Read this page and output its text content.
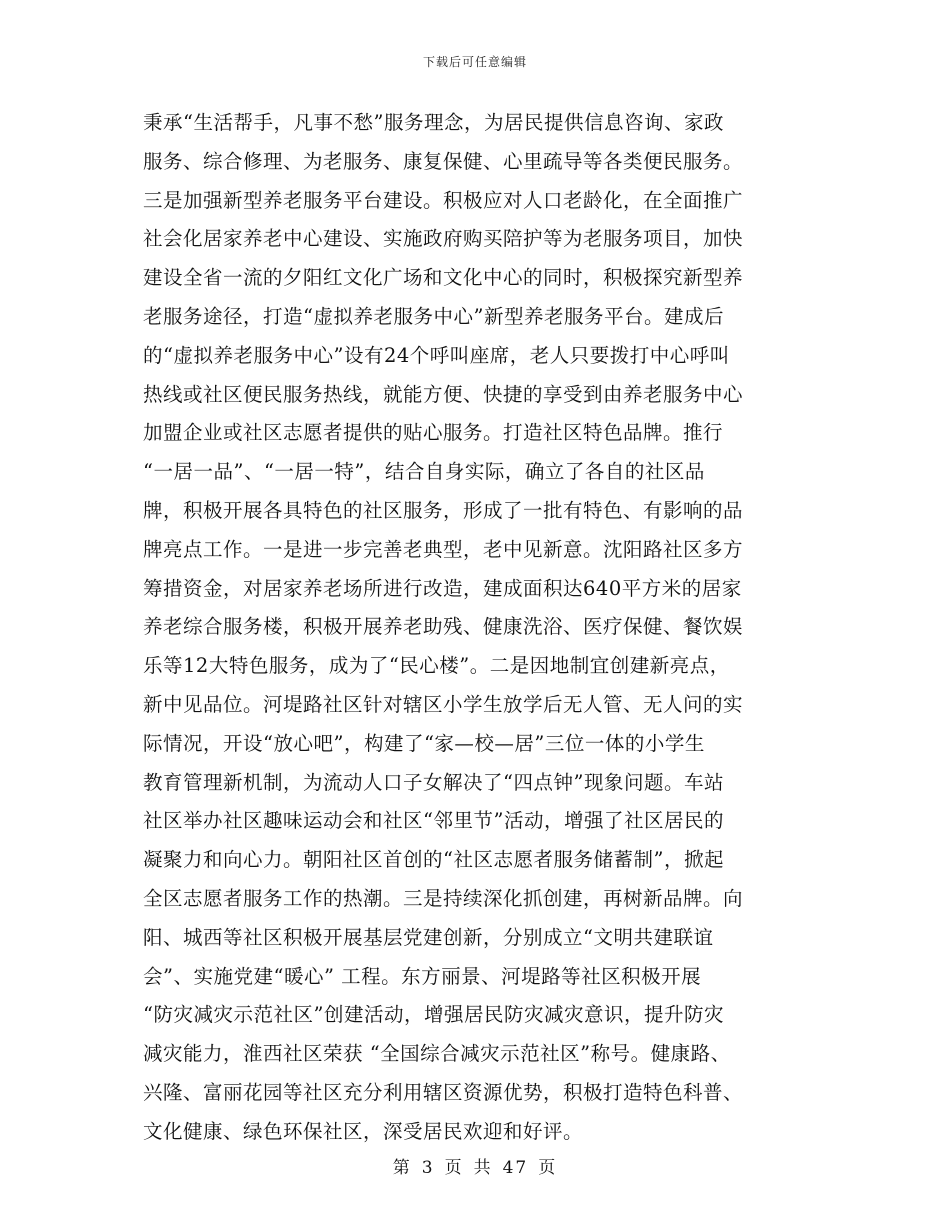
下载后可任意编辑
秉承“生活帮手，凡事不愁”服务理念，为居民提供信息咨询、家政
服务、综合修理、为老服务、康复保健、心里疏导等各类便民服务。
三是加强新型养老服务平台建设。积极应对人口老龄化，在全面推广
社会化居家养老中心建设、实施政府购买陪护等为老服务项目，加快
建设全省一流的夕阳红文化广场和文化中心的同时，积极探究新型养
老服务途径，打造“虚拟养老服务中心”新型养老服务平台。建成后
的“虚拟养老服务中心”设有24个呼叫座席，老人只要拨打中心呼叫
热线或社区便民服务热线，就能方便、快捷的享受到由养老服务中心
加盟企业或社区志愿者提供的贴心服务。打造社区特色品牌。推行
“一居一品”、“一居一特”，结合自身实际，确立了各自的社区品
牌，积极开展各具特色的社区服务，形成了一批有特色、有影响的品
牌亮点工作。一是进一步完善老典型，老中见新意。沈阳路社区多方
筹措资金，对居家养老场所进行改造，建成面积达640平方米的居家
养老综合服务楼，积极开展养老助残、健康洗浴、医疗保健、餐饮娱
乐等12大特色服务，成为了“民心楼”。二是因地制宜创建新亮点，
新中见品位。河堤路社区针对辖区小学生放学后无人管、无人问的实
际情况，开设“放心吧”，构建了“家—校—居”三位一体的小学生
教育管理新机制，为流动人口子女解决了“四点钟”现象问题。车站
社区举办社区趣味运动会和社区“邻里节”活动，增强了社区居民的
凝聚力和向心力。朝阳社区首创的“社区志愿者服务储蓄制”，掀起
全区志愿者服务工作的热潮。三是持续深化抓创建，再树新品牌。向
阳、城西等社区积极开展基层党建创新，分别成立“文明共建联谊
会”、实施党建“暖心” 工程。东方丽景、河堤路等社区积极开展
“防灾减灾示范社区”创建活动，增强居民防灾减灾意识，提升防灾
减灾能力，淮西社区荣获 “全国综合减灾示范社区”称号。健康路、
兴隆、富丽花园等社区充分利用辖区资源优势，积极打造特色科普、
文化健康、绿色环保社区，深受居民欢迎和好评。
第 3 页 共 47 页
